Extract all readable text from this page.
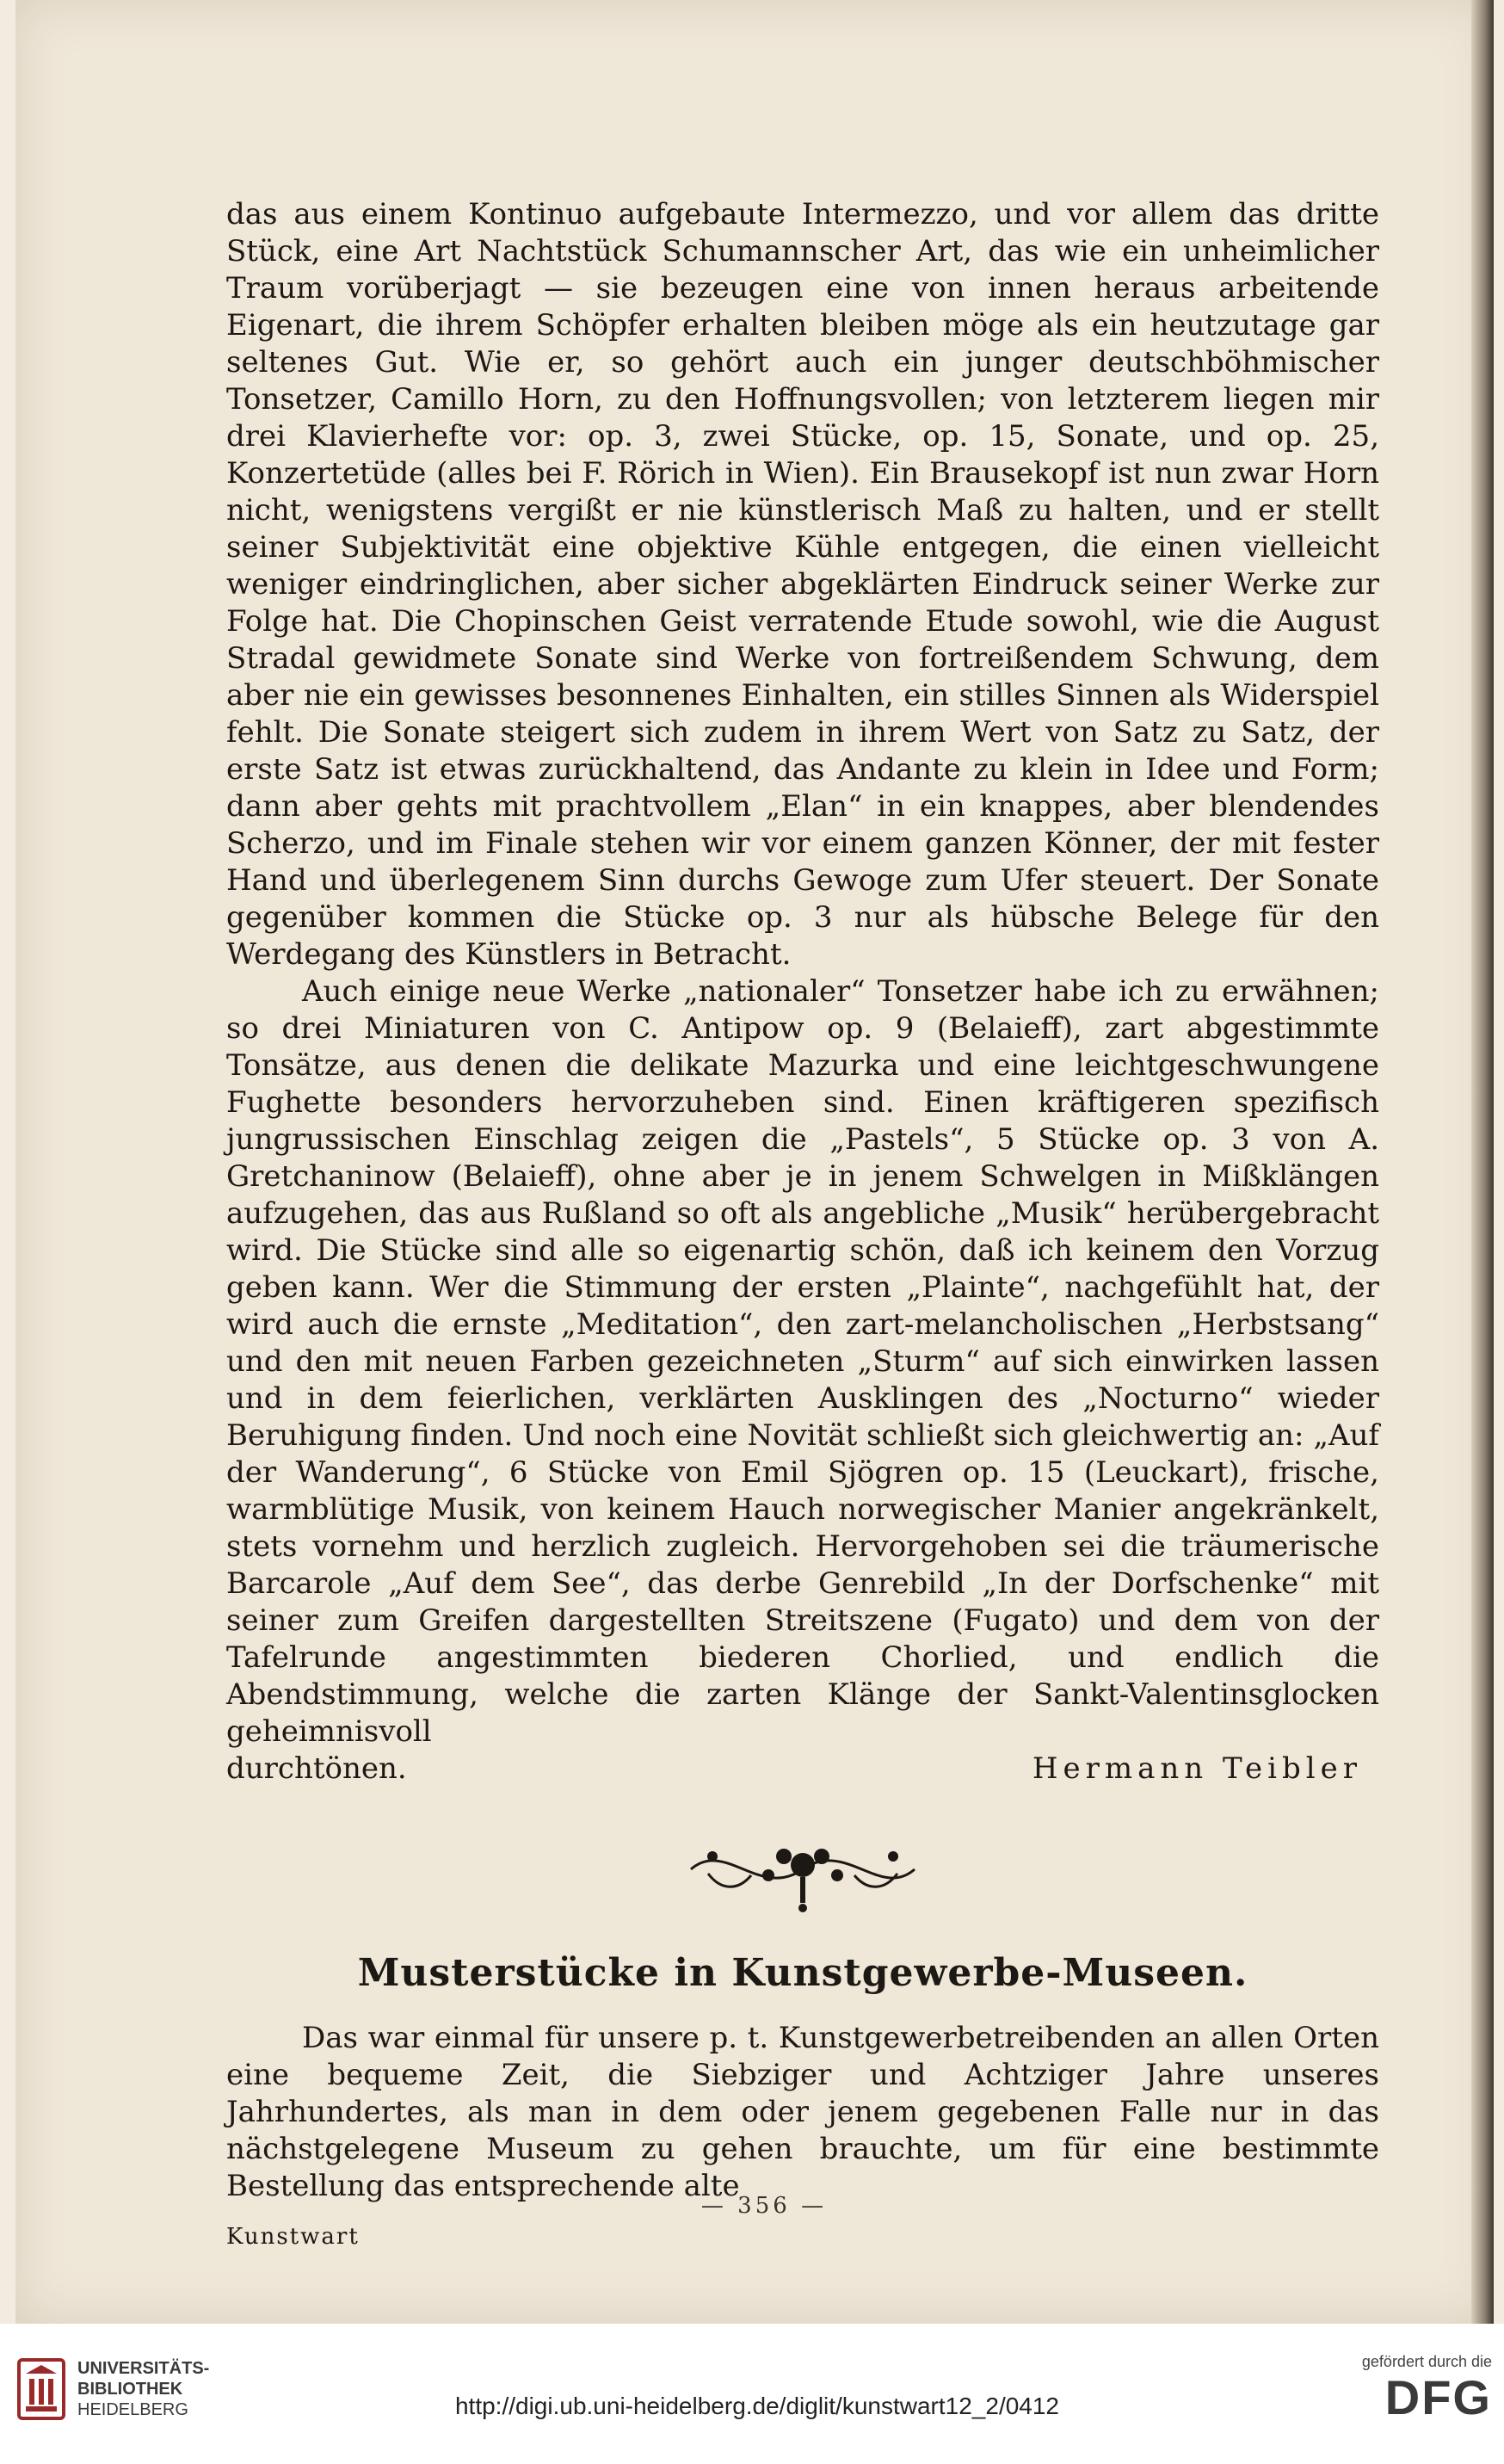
das aus einem Kontinuo aufgebaute Intermezzo, und vor allem das dritte Stück, eine Art Nachtstück Schumannscher Art, das wie ein unheimlicher Traum vorüberjagt — sie bezeugen eine von innen heraus arbeitende Eigenart, die ihrem Schöpfer erhalten bleiben möge als ein heutzutage gar seltenes Gut. Wie er, so gehört auch ein junger deutschböhmischer Tonsetzer, Camillo Horn, zu den Hoffnungsvollen; von letzterem liegen mir drei Klavierhefte vor: op. 3, zwei Stücke, op. 15, Sonate, und op. 25, Konzertetüde (alles bei F. Rörich in Wien). Ein Brausekopf ist nun zwar Horn nicht, wenigstens vergißt er nie künstlerisch Maß zu halten, und er stellt seiner Subjektivität eine objektive Kühle entgegen, die einen vielleicht weniger eindringlichen, aber sicher abgeklärten Eindruck seiner Werke zur Folge hat. Die Chopinschen Geist verratende Etude sowohl, wie die August Stradal gewidmete Sonate sind Werke von fortreißendem Schwung, dem aber nie ein gewisses besonnenes Einhalten, ein stilles Sinnen als Widerspiel fehlt. Die Sonate steigert sich zudem in ihrem Wert von Satz zu Satz, der erste Satz ist etwas zurückhaltend, das Andante zu klein in Idee und Form; dann aber gehts mit prachtvollem „Elan“ in ein knappes, aber blendendes Scherzo, und im Finale stehen wir vor einem ganzen Könner, der mit fester Hand und überlegenem Sinn durchs Gewoge zum Ufer steuert. Der Sonate gegenüber kommen die Stücke op. 3 nur als hübsche Belege für den Werdegang des Künstlers in Betracht.

Auch einige neue Werke „nationaler“ Tonsetzer habe ich zu erwähnen; so drei Miniaturen von C. Antipow op. 9 (Belaieff), zart abgestimmte Tonsätze, aus denen die delikate Mazurka und eine leichtgeschwungene Fughette besonders hervorzuheben sind. Einen kräftigeren spezifisch jungrussischen Einschlag zeigen die „Pastels“, 5 Stücke op. 3 von A. Gretchaninow (Belaieff), ohne aber je in jenem Schwelgen in Mißklängen aufzugehen, das aus Rußland so oft als angebliche „Musik“ herübergebracht wird. Die Stücke sind alle so eigenartig schön, daß ich keinem den Vorzug geben kann. Wer die Stimmung der ersten „Plainte“, nachgefühlt hat, der wird auch die ernste „Meditation“, den zart-melancholischen „Herbstsang“ und den mit neuen Farben gezeichneten „Sturm“ auf sich einwirken lassen und in dem feierlichen, verklärten Ausklingen des „Nocturno“ wieder Beruhigung finden. Und noch eine Novität schließt sich gleichwertig an: „Auf der Wanderung“, 6 Stücke von Emil Sjögren op. 15 (Leuckart), frische, warmblütige Musik, von keinem Hauch norwegischer Manier angekränkelt, stets vornehm und herzlich zugleich. Hervorgehoben sei die träumerische Barcarole „Auf dem See“, das derbe Genrebild „In der Dorfschenke“ mit seiner zum Greifen dargestellten Streitszene (Fugato) und dem von der Tafelrunde angestimmten biederen Chorlied, und endlich die Abendstimmung, welche die zarten Klänge der Sankt-Valentinsglocken geheimnisvoll

durchtönen.	Hermann Teibler
Musterstücke in Kunstgewerbe-Museen.

Das war einmal für unsere p. t. Kunstgewerbetreibenden an allen Orten eine bequeme Zeit, die Siebziger und Achtziger Jahre unseres Jahrhundertes, als man in dem oder jenem gegebenen Falle nur in das nächstgelegene Museum zu gehen brauchte, um für eine bestimmte Bestellung das entsprechende alte

Kunstwart
— 356 —
UNIVERSITÄTS-
BIBLIOTHEK
HEIDELBERG	http://digi.ub.uni-heidelberg.de/diglit/kunstwart12_2/0412
gefördert durch die
DFG
